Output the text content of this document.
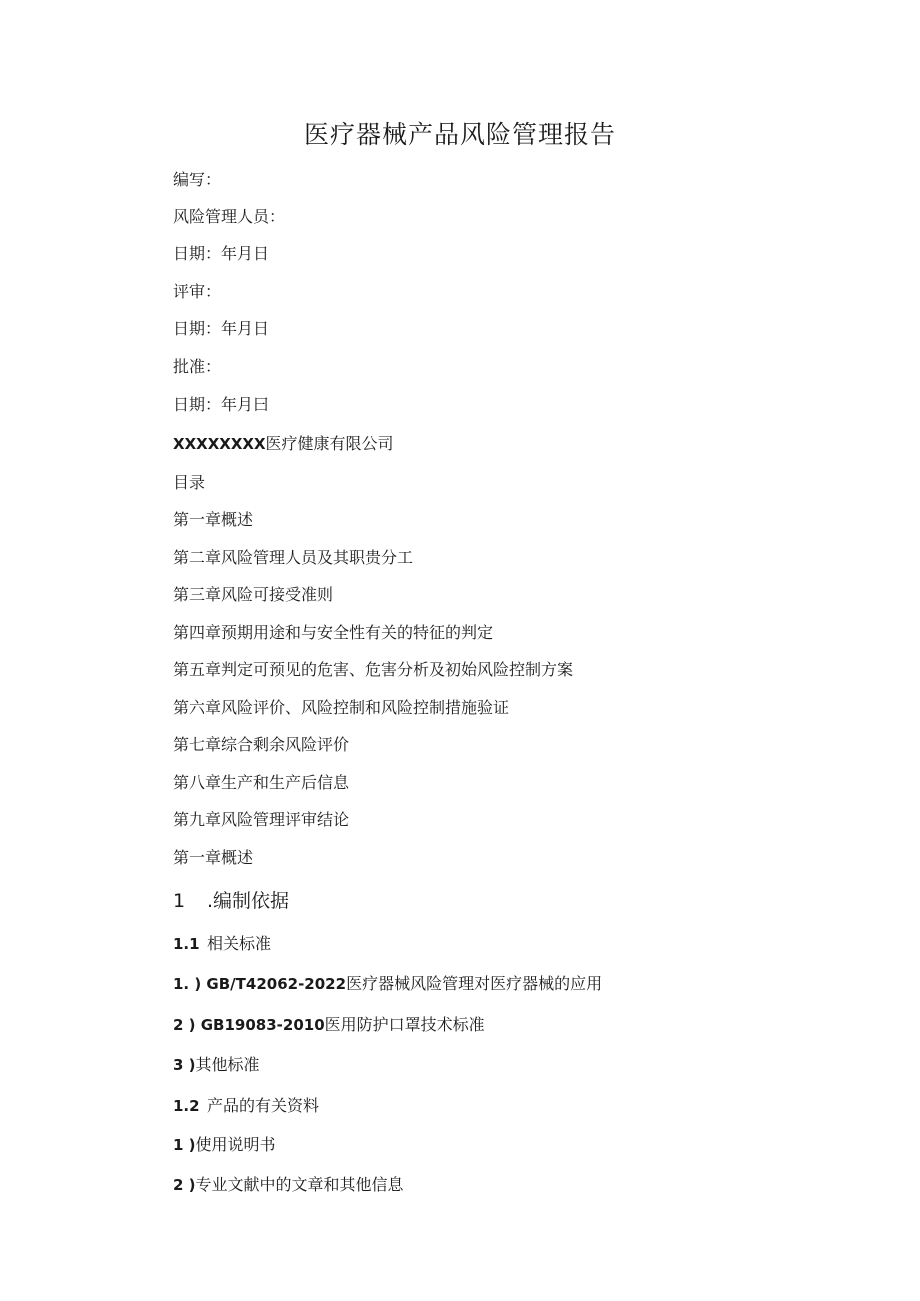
医疗器械产品风险管理报告
编写：
风险管理人员：
日期：年月日
评审：
日期：年月日
批准：
日期：年月曰
XXXXXXXX医疗健康有限公司
目录
第一章概述
第二章风险管理人员及其职贵分工
第三章风险可接受准则
第四章预期用途和与安全性有关的特征的判定
第五章判定可预见的危害、危害分析及初始风险控制方案
第六章风险评价、风险控制和风险控制措施验证
第七章综合剩余风险评价
第八章生产和生产后信息
第九章风险管理评审结论
第一章概述
1 .编制依据
1.1 相关标准
1. ) GB/T42062-2022医疗器械风险管理对医疗器械的应用
2 ) GB19083-2010医用防护口罩技术标准
3 )其他标准
1.2 产品的有关资料
1 )使用说明书
2 )专业文献中的文章和其他信息
